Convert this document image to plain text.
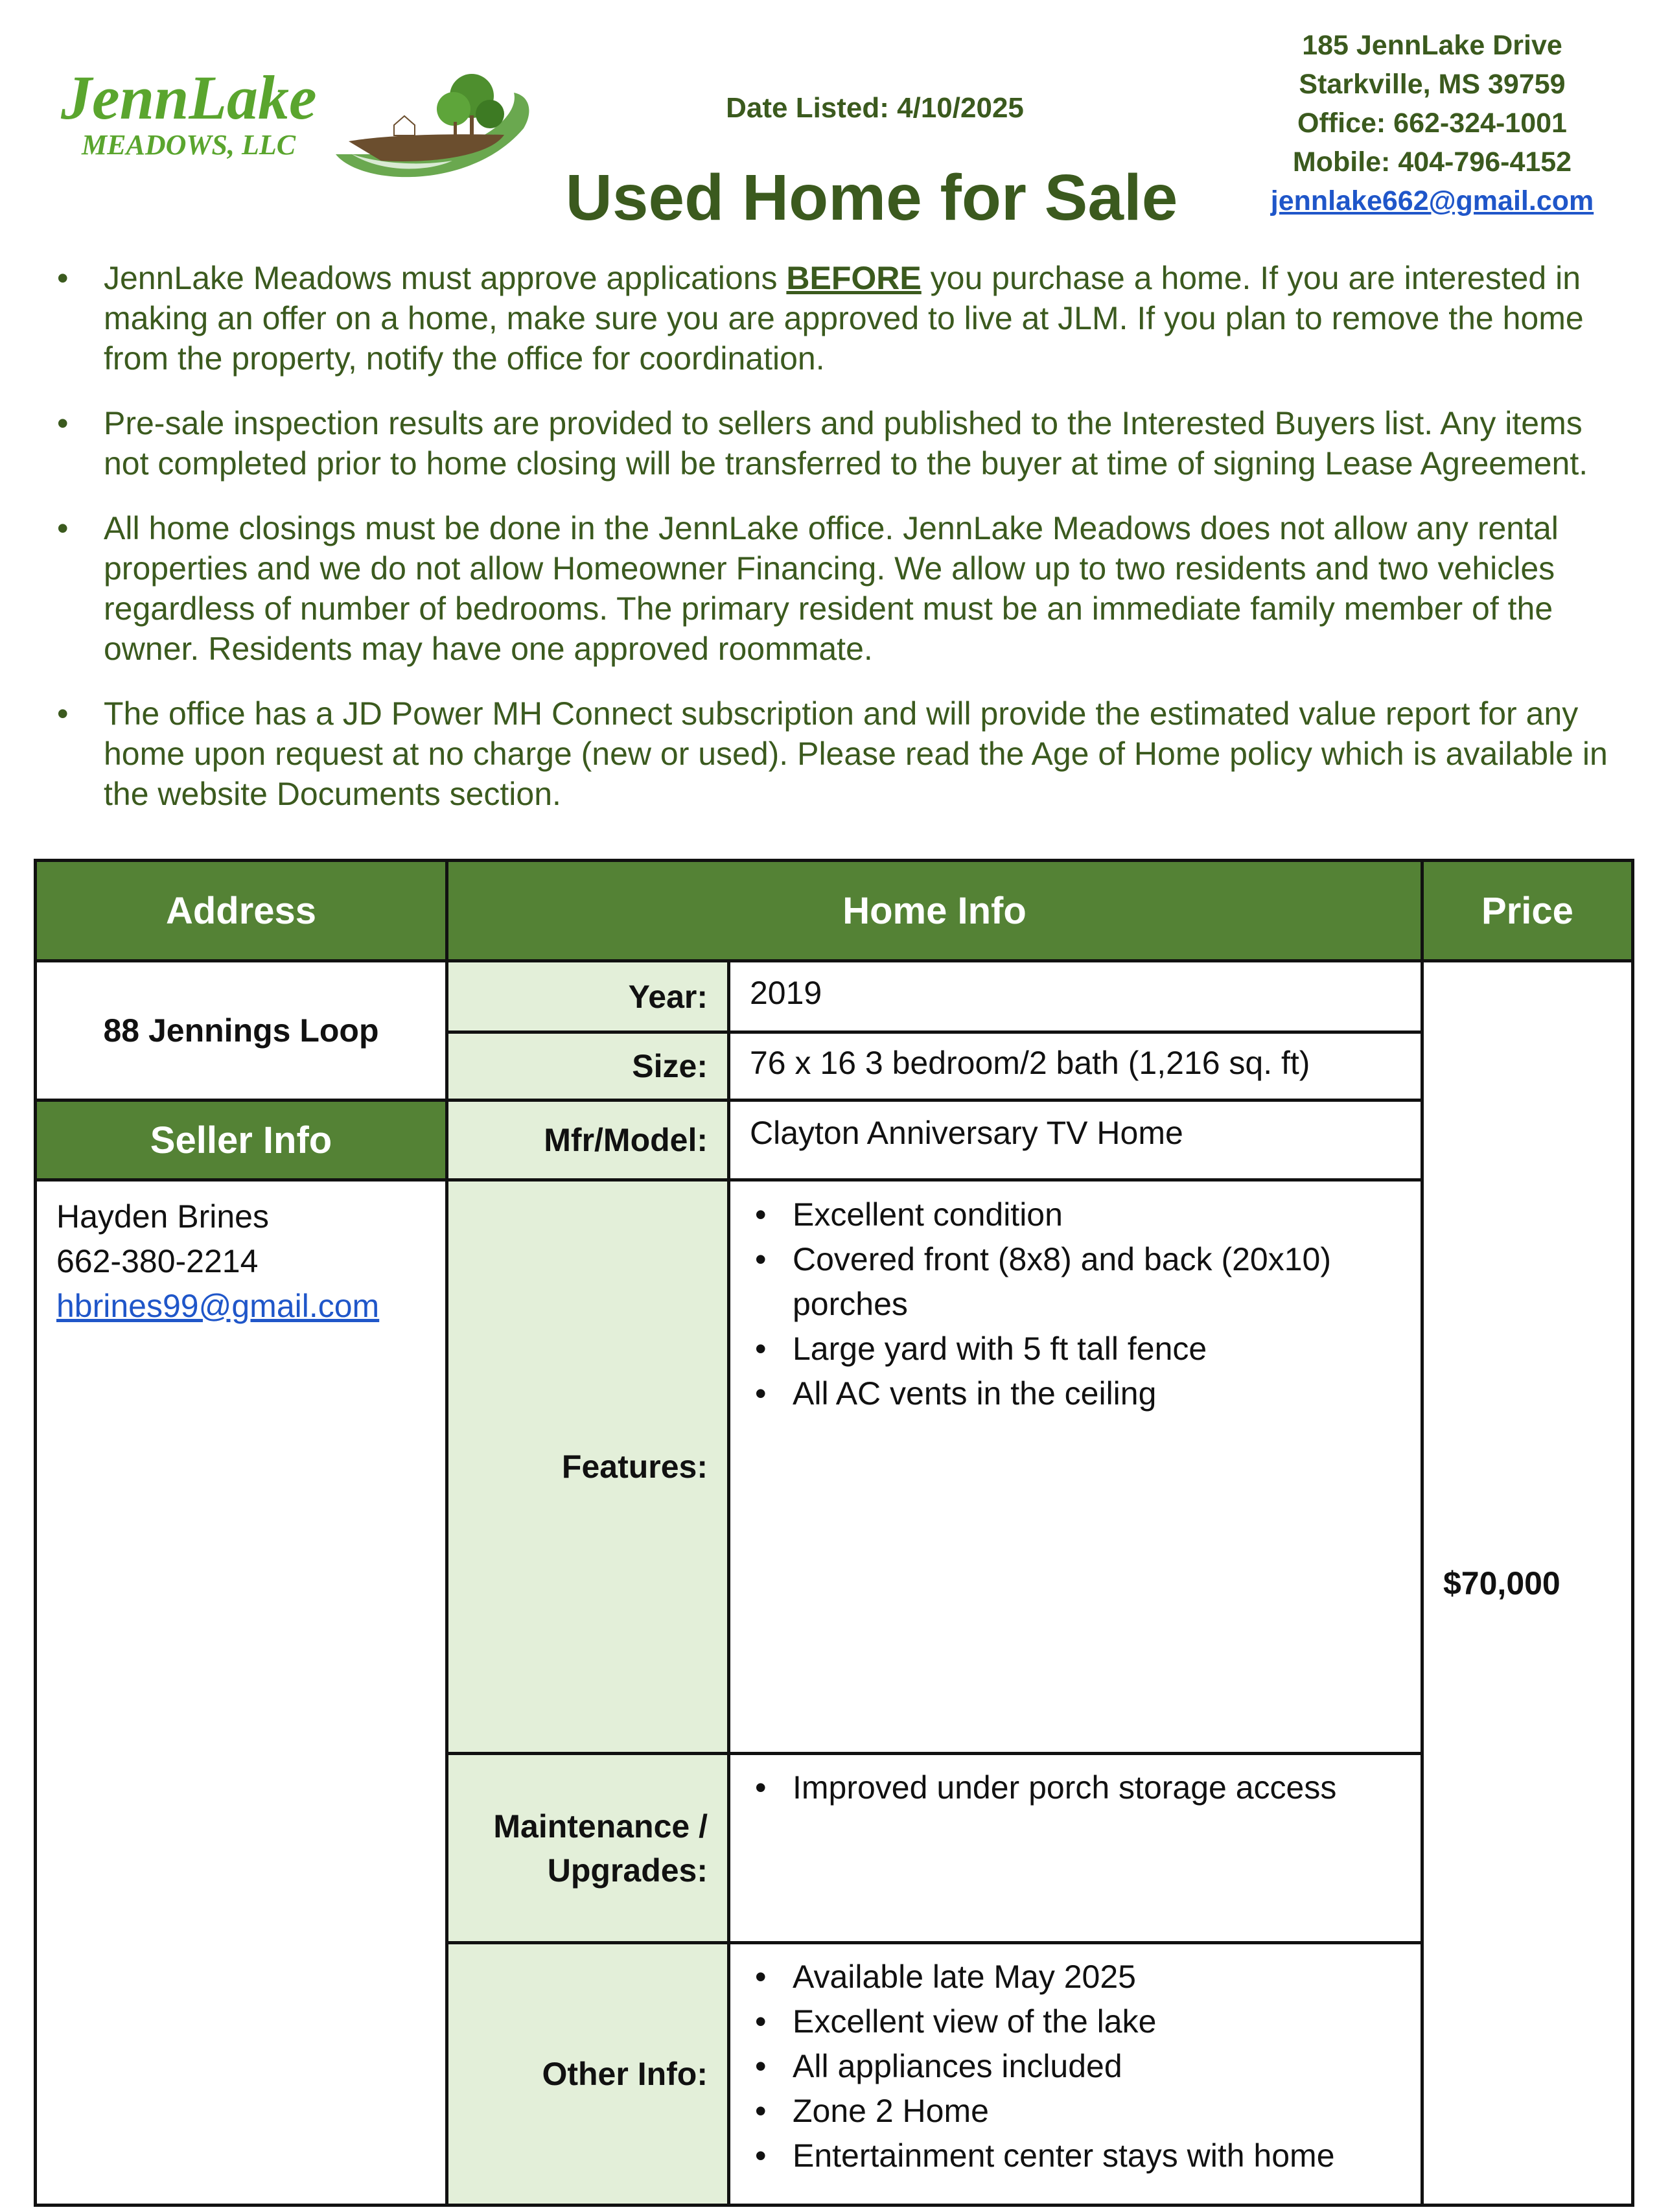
JennLake
MEADOWS, LLC
Date Listed: 4/10/2025
Used Home for Sale
185 JennLake Drive
Starkville, MS 39759
Office: 662-324-1001
Mobile: 404-796-4152
jennlake662@gmail.com
• JennLake Meadows must approve applications BEFORE you purchase a home. If you are interested in making an offer on a home, make sure you are approved to live at JLM. If you plan to remove the home from the property, notify the office for coordination.
• Pre-sale inspection results are provided to sellers and published to the Interested Buyers list. Any items not completed prior to home closing will be transferred to the buyer at time of signing Lease Agreement.
• All home closings must be done in the JennLake office. JennLake Meadows does not allow any rental properties and we do not allow Homeowner Financing. We allow up to two residents and two vehicles regardless of number of bedrooms. The primary resident must be an immediate family member of the owner. Residents may have one approved roommate.
• The office has a JD Power MH Connect subscription and will provide the estimated value report for any home upon request at no charge (new or used). Please read the Age of Home policy which is available in the website Documents section.
Address	Home Info	Price
88 Jennings Loop
Seller Info
Hayden Brines
662-380-2214
hbrines99@gmail.com
Year:
Size:
Mfr/Model:
Features:
Maintenance /
Upgrades:
Other Info:
2019
76 x 16 3 bedroom/2 bath (1,216 sq. ft)
Clayton Anniversary TV Home
• Excellent condition
• Covered front (8x8) and back (20x10) porches
• Large yard with 5 ft tall fence
• All AC vents in the ceiling
• Improved under porch storage access
• Available late May 2025
• Excellent view of the lake
• All appliances included
• Zone 2 Home
• Entertainment center stays with home
$70,000
